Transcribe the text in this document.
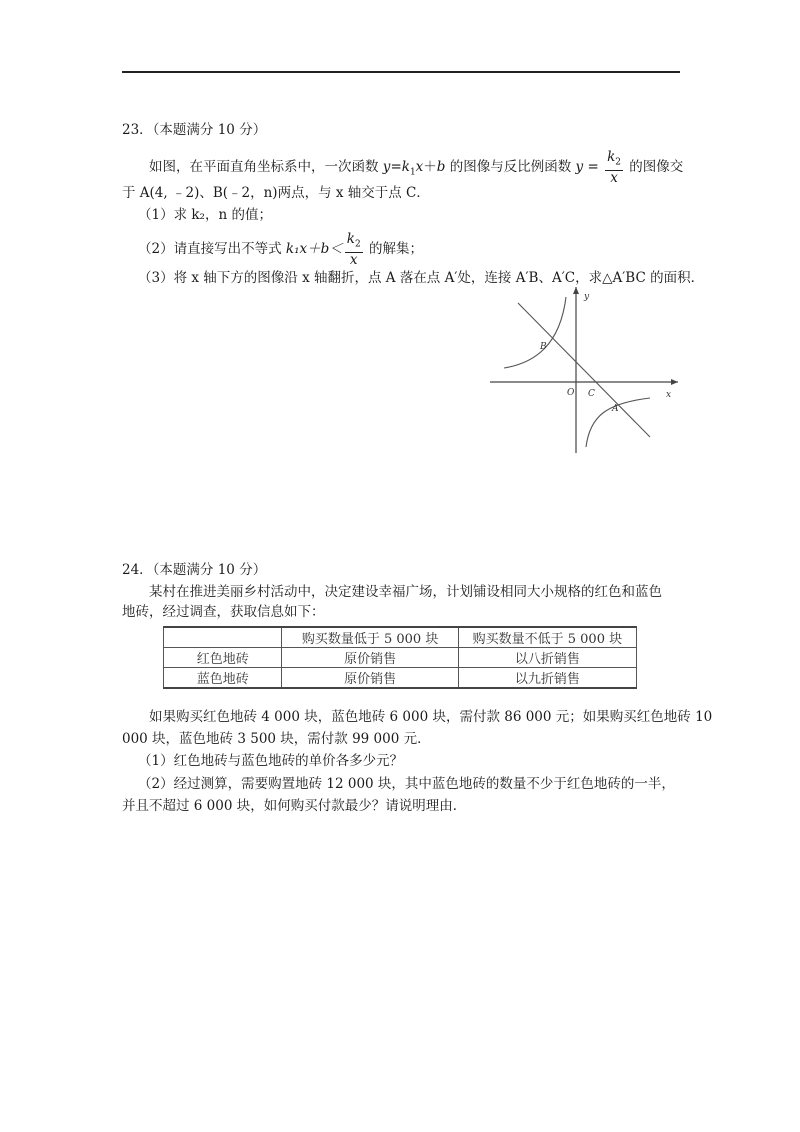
23．（本题满分 10 分）
如图，在平面直角坐标系中，一次函数 $y=k_1x+b$ 的图像与反比例函数 $y = \frac{k_2}{x}$ 的图像交
于 A(4, ﹣2)、B(﹣2，n)两点，与 x 轴交于点 C．
（1）求 k₂，n 的值；
（2）请直接写出不等式 $k_1x+b< \frac{k_2}{x}$ 的解集；
（3）将 x 轴下方的图像沿 x 轴翻折，点 A 落在点 A′处，连接 A′B、A′C，求△A′BC 的面积．
y
x
O C
A
B
24．（本题满分 10 分）
某村在推进美丽乡村活动中，决定建设幸福广场，计划铺设相同大小规格的红色和蓝色
地砖，经过调查，获取信息如下：
	购买数量低于 5 000 块	购买数量不低于 5 000 块
红色地砖	原价销售	以八折销售
蓝色地砖	原价销售	以九折销售
如果购买红色地砖 4 000 块，蓝色地砖 6 000 块，需付款 86 000 元；如果购买红色地砖 10
000 块，蓝色地砖 3 500 块，需付款 99 000 元．
（1）红色地砖与蓝色地砖的单价各多少元？
（2）经过测算，需要购置地砖 12 000 块，其中蓝色地砖的数量不少于红色地砖的一半，
并且不超过 6 000 块，如何购买付款最少？请说明理由．
